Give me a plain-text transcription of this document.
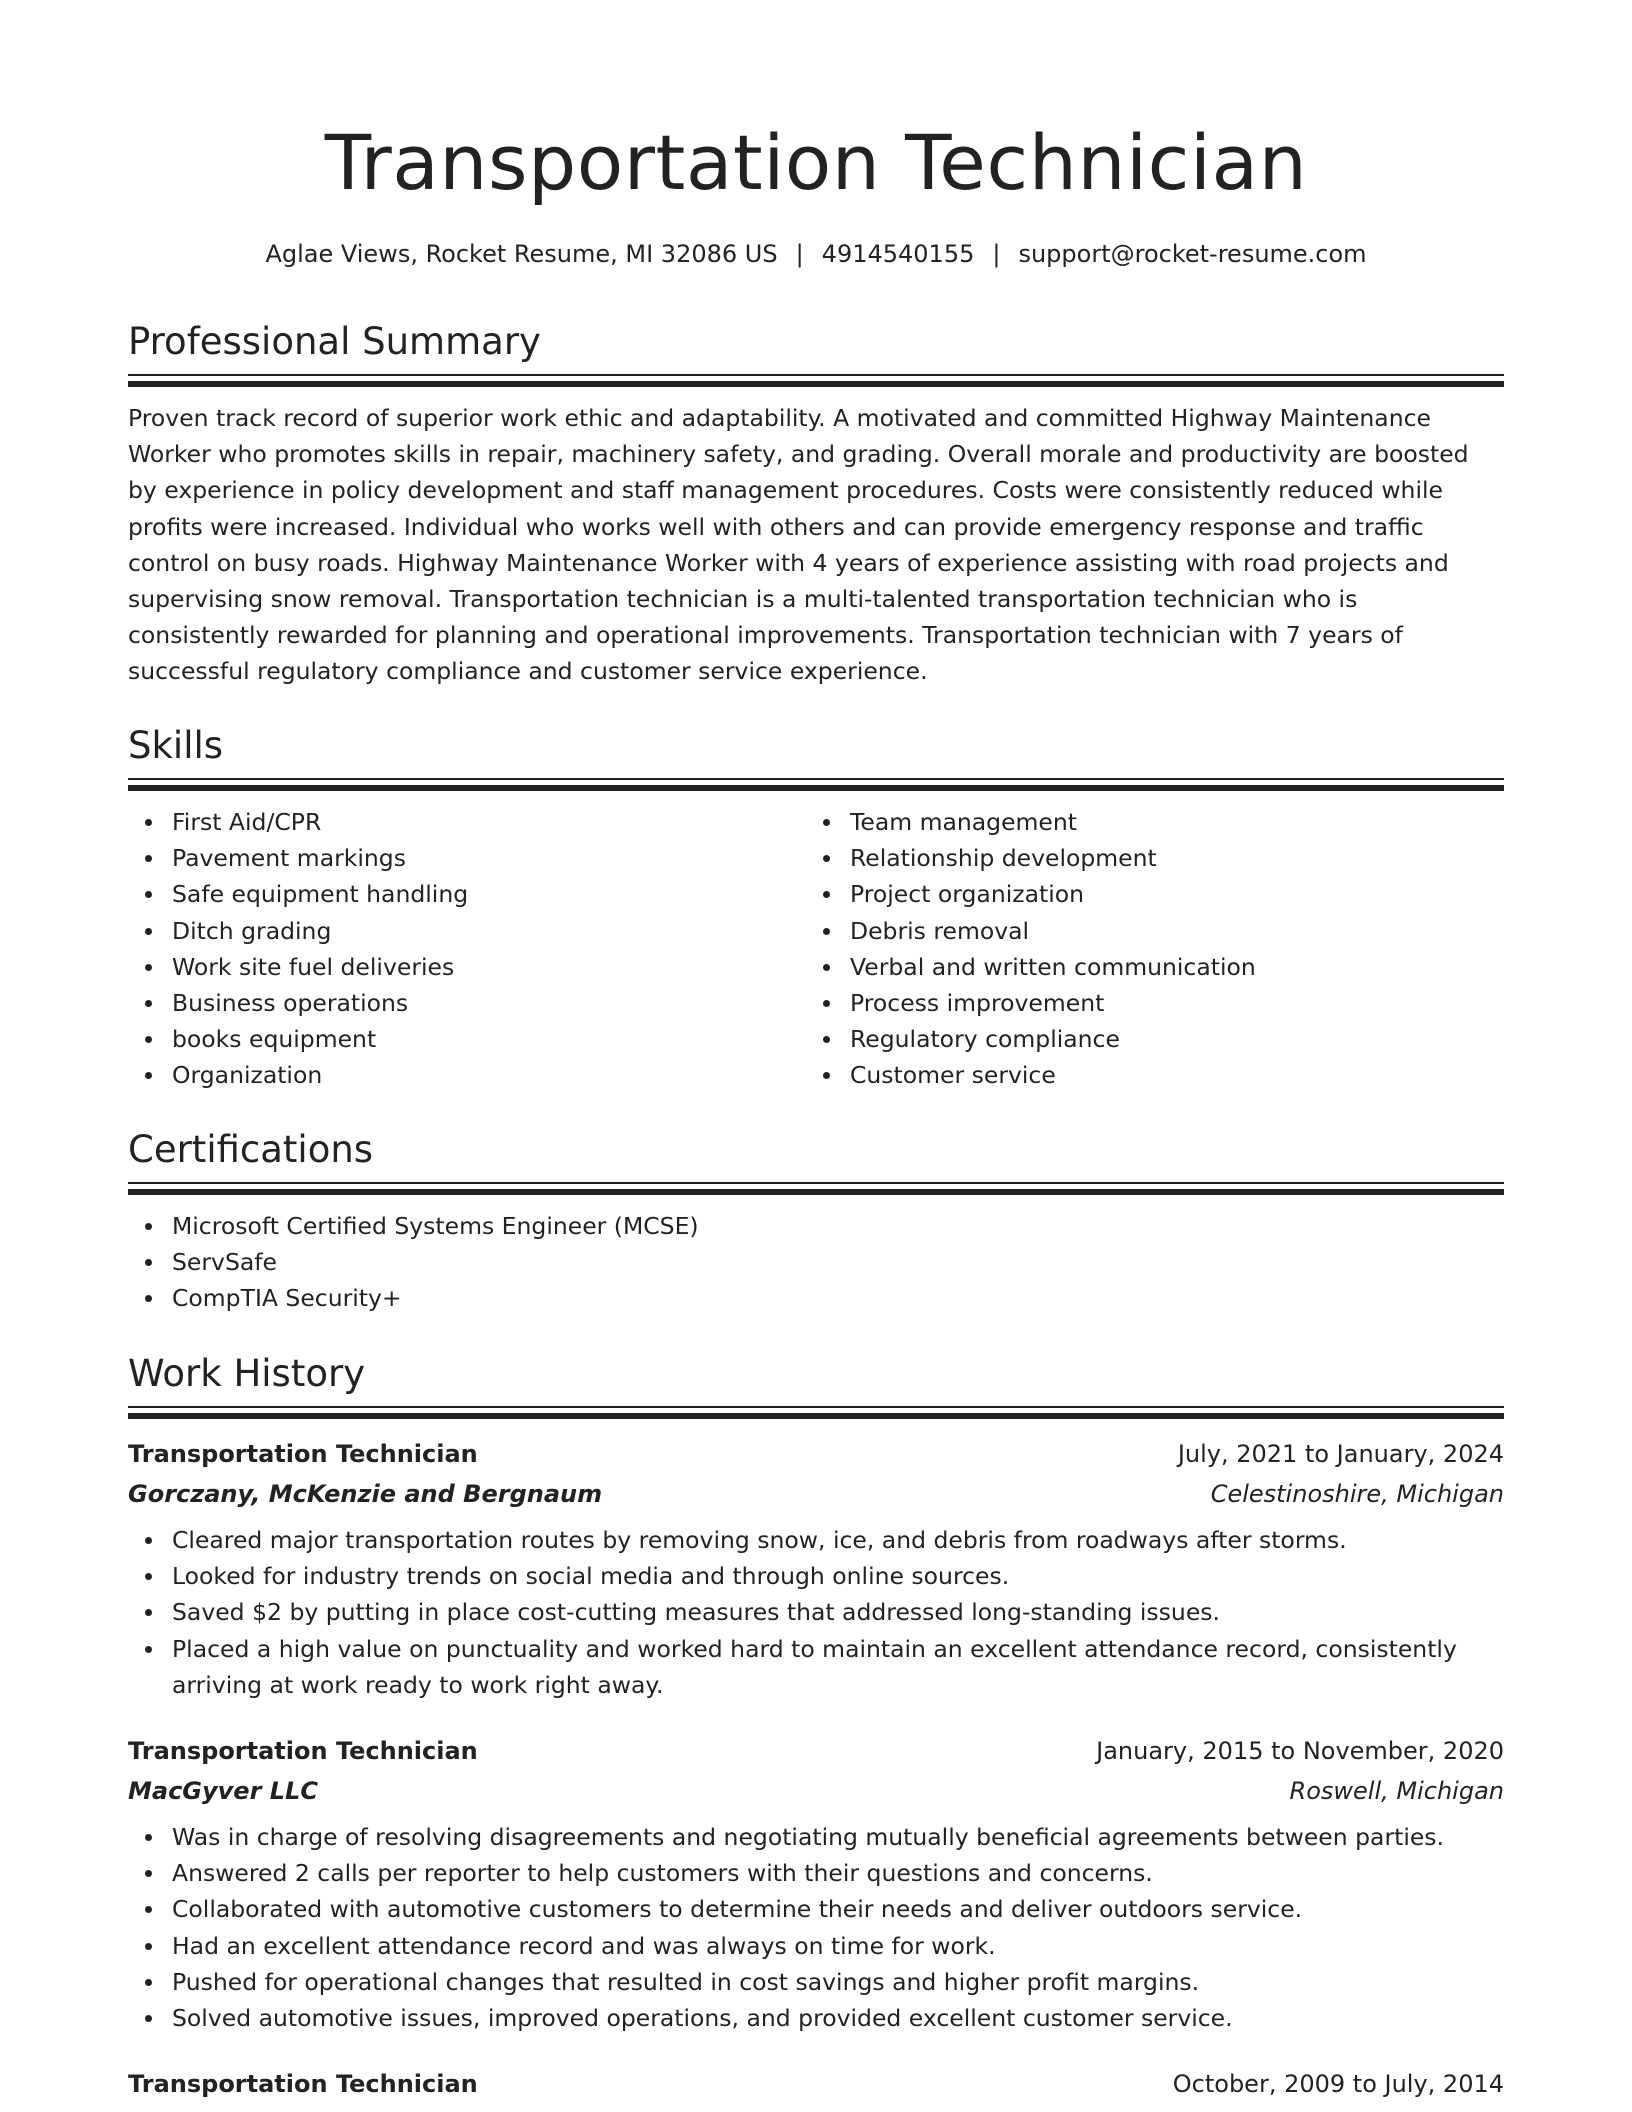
Transportation Technician
Aglae Views, Rocket Resume, MI 32086 US | 4914540155 | support@rocket-resume.com
Professional Summary

Proven track record of superior work ethic and adaptability. A motivated and committed Highway Maintenance Worker who promotes skills in repair, machinery safety, and grading. Overall morale and productivity are boosted by experience in policy development and staff management procedures. Costs were consistently reduced while profits were increased. Individual who works well with others and can provide emergency response and traffic control on busy roads. Highway Maintenance Worker with 4 years of experience assisting with road projects and supervising snow removal. Transportation technician is a multi-talented transportation technician who is consistently rewarded for planning and operational improvements. Transportation technician with 7 years of successful regulatory compliance and customer service experience.

Skills
First Aid/CPR
Pavement markings
Safe equipment handling
Ditch grading
Work site fuel deliveries
Business operations
books equipment
Organization
Team management
Relationship development
Project organization
Debris removal
Verbal and written communication
Process improvement
Regulatory compliance
Customer service
Certifications
Microsoft Certified Systems Engineer (MCSE)
ServSafe
CompTIA Security+
Work History
Transportation Technician	July, 2021 to January, 2024
Gorczany, McKenzie and Bergnaum	Celestinoshire, Michigan
Cleared major transportation routes by removing snow, ice, and debris from roadways after storms.
Looked for industry trends on social media and through online sources.
Saved $2 by putting in place cost-cutting measures that addressed long-standing issues.
Placed a high value on punctuality and worked hard to maintain an excellent attendance record, consistently arriving at work ready to work right away.
Transportation Technician	January, 2015 to November, 2020
MacGyver LLC	Roswell, Michigan
Was in charge of resolving disagreements and negotiating mutually beneficial agreements between parties.
Answered 2 calls per reporter to help customers with their questions and concerns.
Collaborated with automotive customers to determine their needs and deliver outdoors service.
Had an excellent attendance record and was always on time for work.
Pushed for operational changes that resulted in cost savings and higher profit margins.
Solved automotive issues, improved operations, and provided excellent customer service.
Transportation Technician	October, 2009 to July, 2014
